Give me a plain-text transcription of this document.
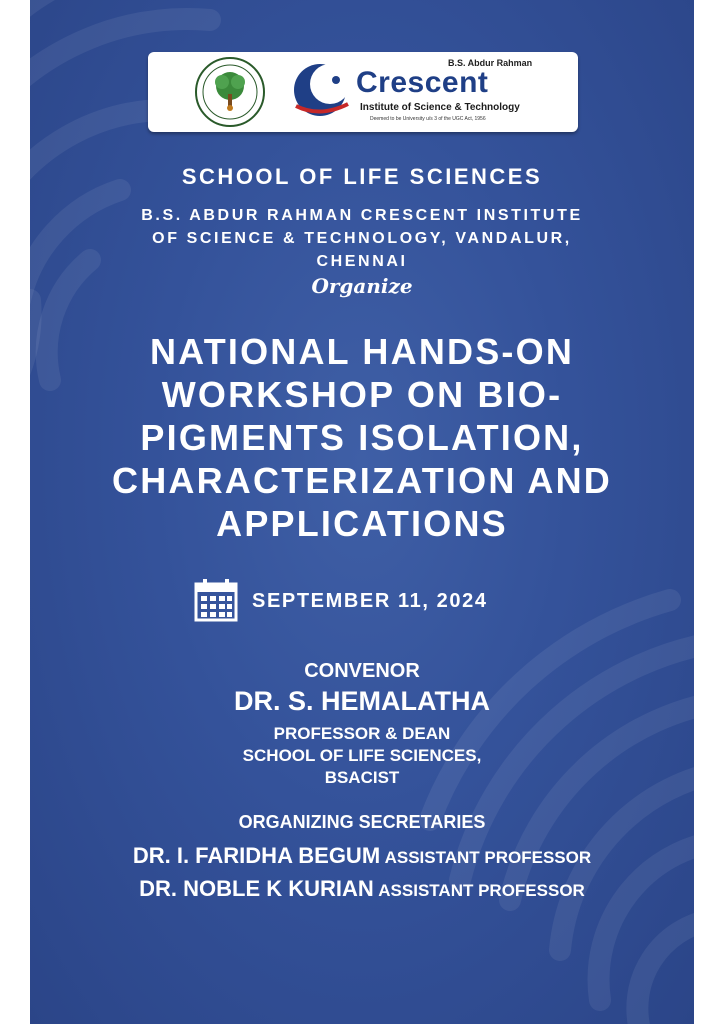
B.S. Abdur Rahman
Crescent
Institute of Science & Technology
Deemed to be University u/s 3 of the UGC Act, 1956
SCHOOL OF LIFE SCIENCES
B.S. ABDUR RAHMAN CRESCENT INSTITUTE
OF SCIENCE & TECHNOLOGY, VANDALUR,
CHENNAI
Organize
NATIONAL HANDS-ON
WORKSHOP ON BIO-
PIGMENTS ISOLATION,
CHARACTERIZATION AND
APPLICATIONS
SEPTEMBER 11, 2024
CONVENOR
DR. S. HEMALATHA
PROFESSOR & DEAN
SCHOOL OF LIFE SCIENCES,
BSACIST
ORGANIZING SECRETARIES
DR. I. FARIDHA BEGUM ASSISTANT PROFESSOR
DR. NOBLE K KURIAN ASSISTANT PROFESSOR
